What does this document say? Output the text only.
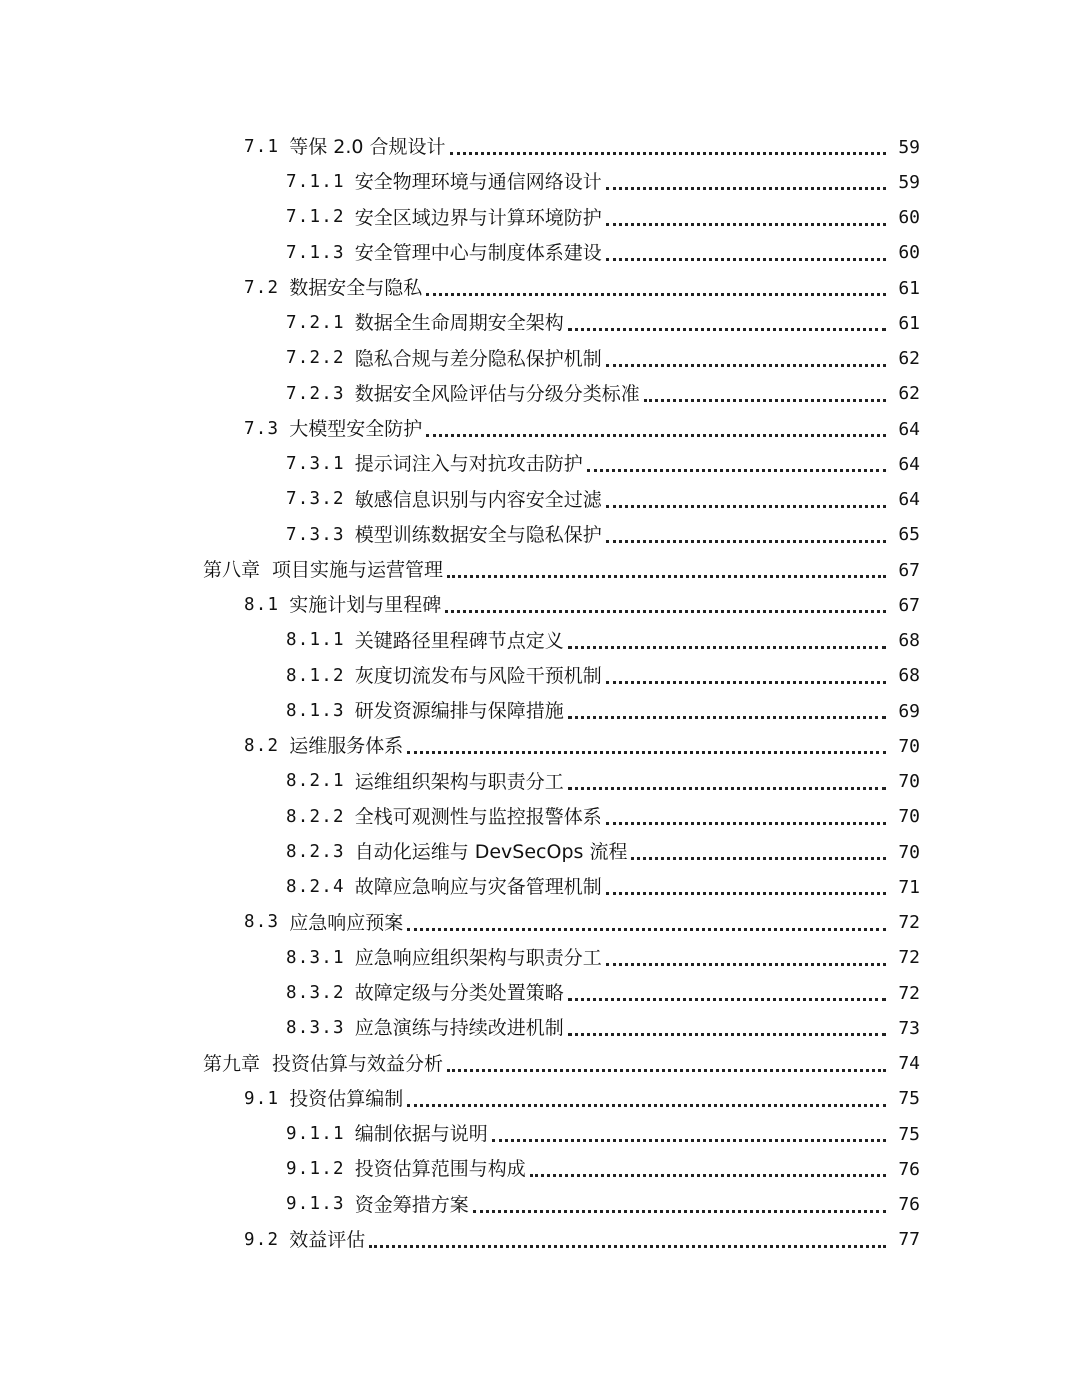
7.1 等保 2.0 合规设计	59
7.1.1 安全物理环境与通信网络设计	59
7.1.2 安全区域边界与计算环境防护	60
7.1.3 安全管理中心与制度体系建设	60
7.2 数据安全与隐私	61
7.2.1 数据全生命周期安全架构	61
7.2.2 隐私合规与差分隐私保护机制	62
7.2.3 数据安全风险评估与分级分类标准	62
7.3 大模型安全防护	64
7.3.1 提示词注入与对抗攻击防护	64
7.3.2 敏感信息识别与内容安全过滤	64
7.3.3 模型训练数据安全与隐私保护	65
第八章 项目实施与运营管理	67
8.1 实施计划与里程碑	67
8.1.1 关键路径里程碑节点定义	68
8.1.2 灰度切流发布与风险干预机制	68
8.1.3 研发资源编排与保障措施	69
8.2 运维服务体系	70
8.2.1 运维组织架构与职责分工	70
8.2.2 全栈可观测性与监控报警体系	70
8.2.3 自动化运维与 DevSecOps 流程	70
8.2.4 故障应急响应与灾备管理机制	71
8.3 应急响应预案	72
8.3.1 应急响应组织架构与职责分工	72
8.3.2 故障定级与分类处置策略	72
8.3.3 应急演练与持续改进机制	73
第九章 投资估算与效益分析	74
9.1 投资估算编制	75
9.1.1 编制依据与说明	75
9.1.2 投资估算范围与构成	76
9.1.3 资金筹措方案	76
9.2 效益评估	77
